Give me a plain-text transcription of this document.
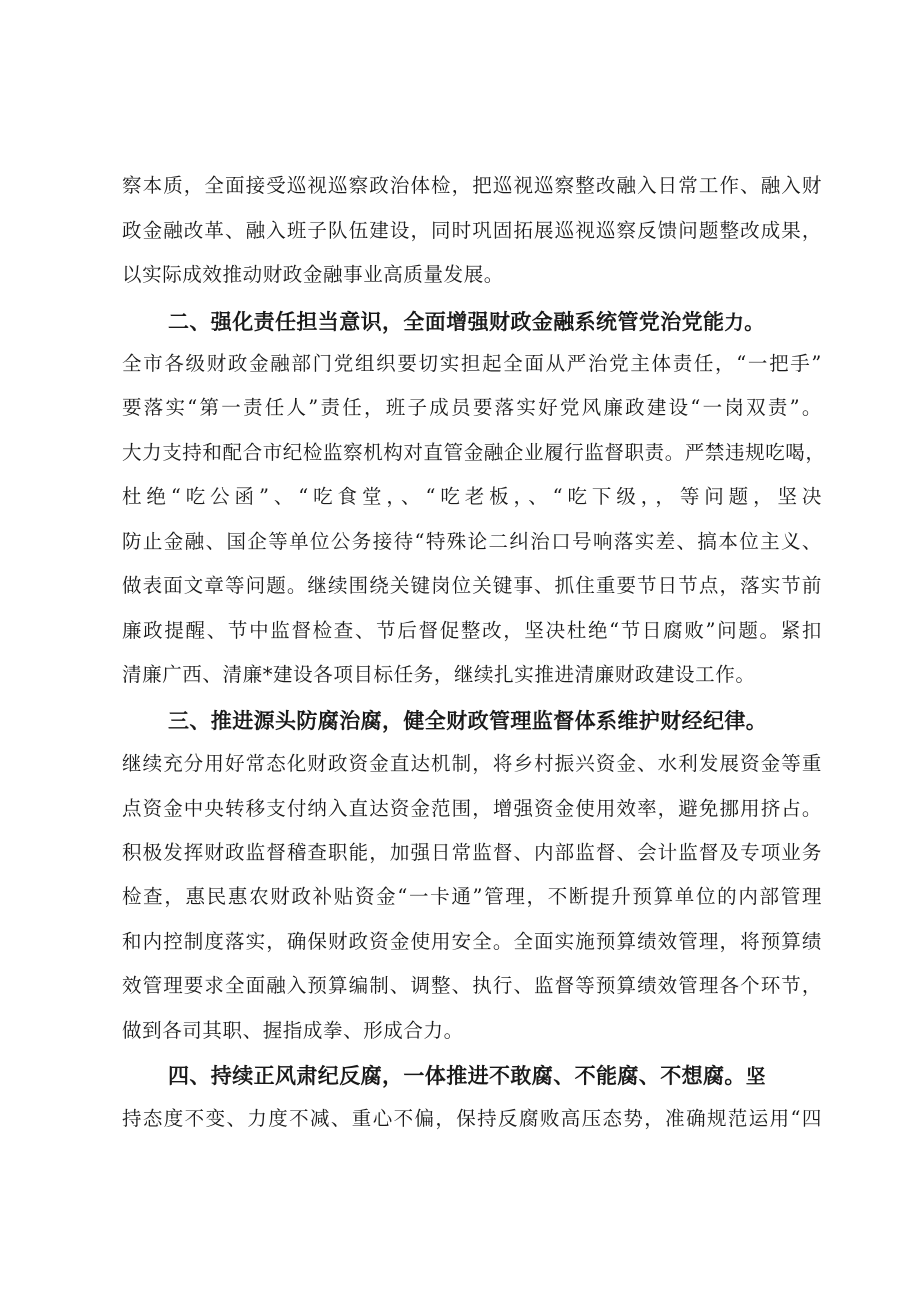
察本质，全面接受巡视巡察政治体检，把巡视巡察整改融入日常工作、融入财
政金融改革、融入班子队伍建设，同时巩固拓展巡视巡察反馈问题整改成果，
以实际成效推动财政金融事业高质量发展。
二、强化责任担当意识，全面增强财政金融系统管党治党能力。
全市各级财政金融部门党组织要切实担起全面从严治党主体责任，“一把手”
要落实“第一责任人”责任，班子成员要落实好党风廉政建设“一岗双责”。
大力支持和配合市纪检监察机构对直管金融企业履行监督职责。严禁违规吃喝，
杜绝“吃公函”、“吃食堂，、“吃老板，、“吃下级，，等问题，坚决
防止金融、国企等单位公务接待“特殊论二纠治口号响落实差、搞本位主义、
做表面文章等问题。继续围绕关键岗位关键事、抓住重要节日节点，落实节前
廉政提醒、节中监督检查、节后督促整改，坚决杜绝“节日腐败”问题。紧扣
清廉广西、清廉*建设各项目标任务，继续扎实推进清廉财政建设工作。
三、推进源头防腐治腐，健全财政管理监督体系维护财经纪律。
继续充分用好常态化财政资金直达机制，将乡村振兴资金、水利发展资金等重
点资金中央转移支付纳入直达资金范围，增强资金使用效率，避免挪用挤占。
积极发挥财政监督稽查职能，加强日常监督、内部监督、会计监督及专项业务
检查，惠民惠农财政补贴资金“一卡通”管理，不断提升预算单位的内部管理
和内控制度落实，确保财政资金使用安全。全面实施预算绩效管理，将预算绩
效管理要求全面融入预算编制、调整、执行、监督等预算绩效管理各个环节，
做到各司其职、握指成拳、形成合力。
四、持续正风肃纪反腐，一体推进不敢腐、不能腐、不想腐。坚
持态度不变、力度不减、重心不偏，保持反腐败高压态势，准确规范运用“四
